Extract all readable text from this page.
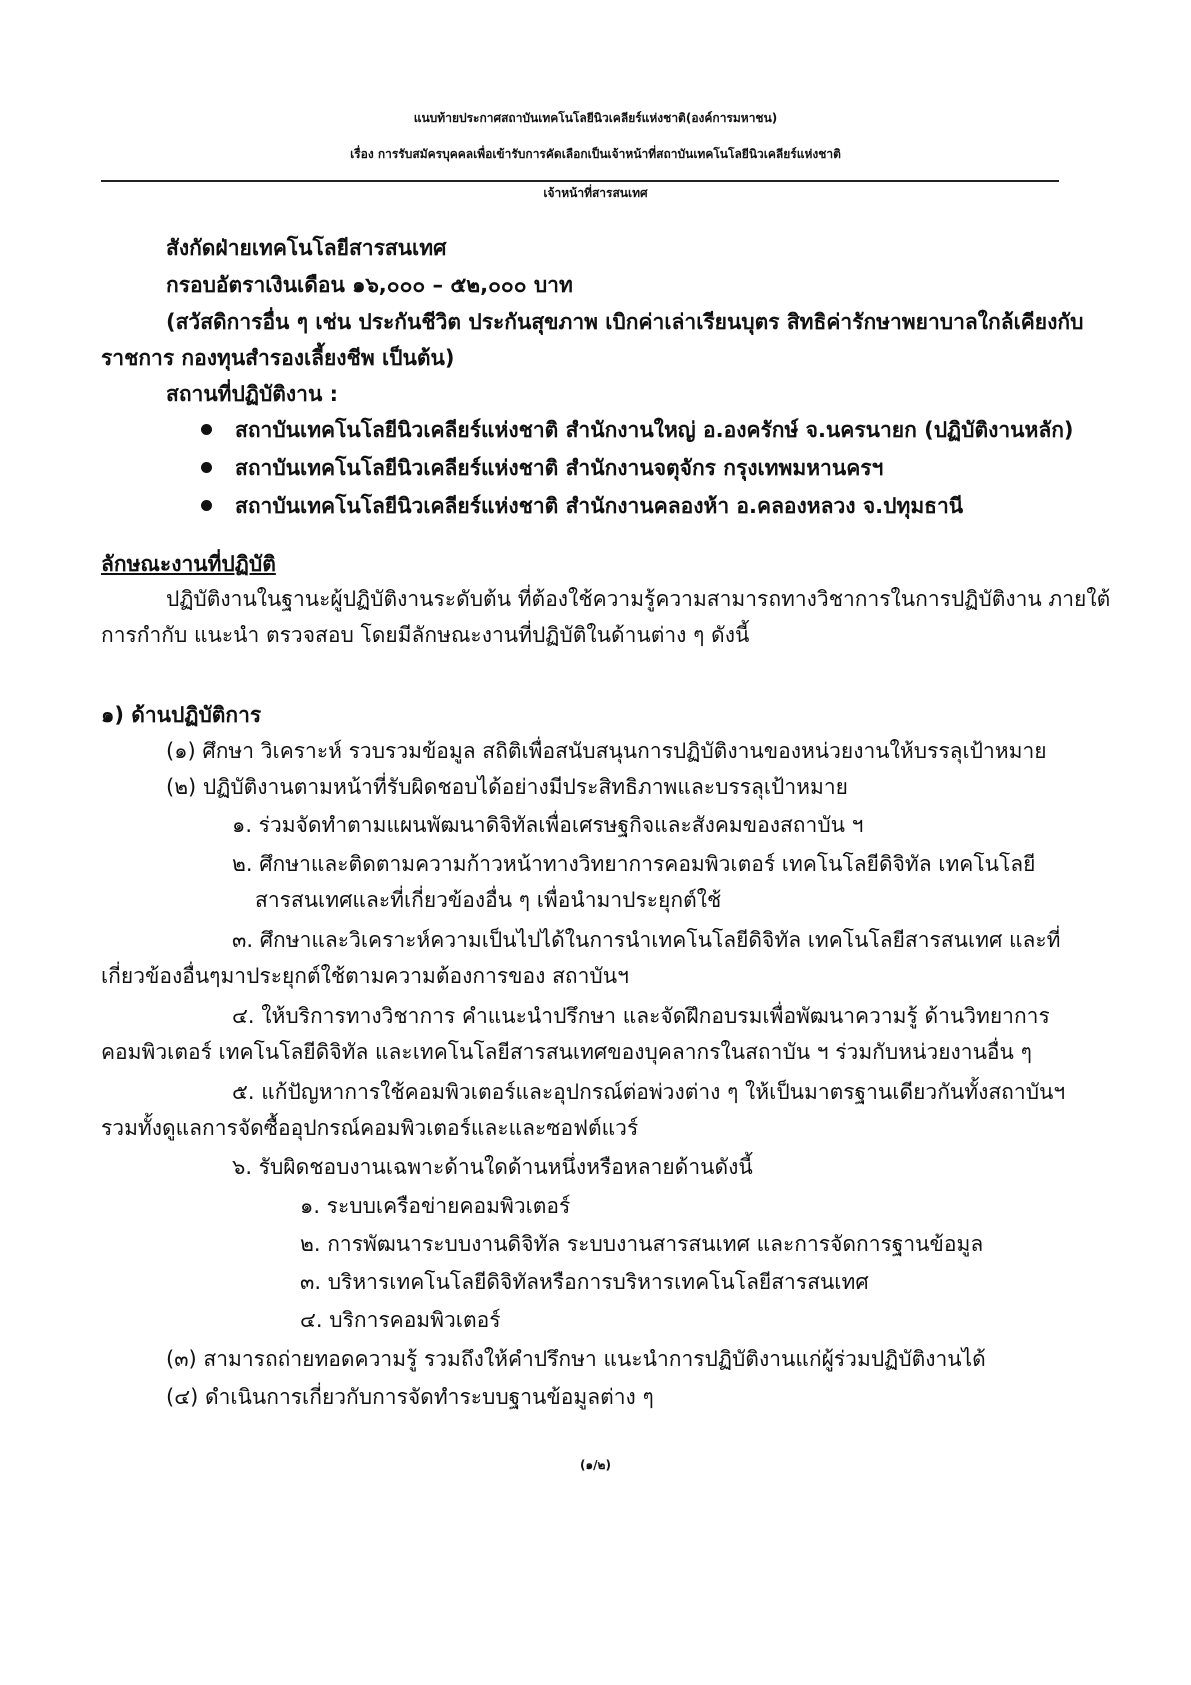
แนบท้ายประกาศสถาบันเทคโนโลยีนิวเคลียร์แห่งชาติ(องค์การมหาชน)
เรื่อง การรับสมัครบุคคลเพื่อเข้ารับการคัดเลือกเป็นเจ้าหน้าที่สถาบันเทคโนโลยีนิวเคลียร์แห่งชาติ
เจ้าหน้าที่สารสนเทศ
สังกัดฝ่ายเทคโนโลยีสารสนเทศ
กรอบอัตราเงินเดือน ๑๖,๐๐๐ – ๕๒,๐๐๐ บาท
(สวัสดิการอื่น ๆ เช่น ประกันชีวิต ประกันสุขภาพ เบิกค่าเล่าเรียนบุตร สิทธิค่ารักษาพยาบาลใกล้เคียงกับ
ราชการ กองทุนสำรองเลี้ยงชีพ เป็นต้น)
สถานที่ปฏิบัติงาน :
สถาบันเทคโนโลยีนิวเคลียร์แห่งชาติ สำนักงานใหญ่ อ.องครักษ์ จ.นครนายก (ปฏิบัติงานหลัก)
สถาบันเทคโนโลยีนิวเคลียร์แห่งชาติ สำนักงานจตุจักร กรุงเทพมหานครฯ
สถาบันเทคโนโลยีนิวเคลียร์แห่งชาติ สำนักงานคลองห้า อ.คลองหลวง จ.ปทุมธานี
ลักษณะงานที่ปฏิบัติ
ปฏิบัติงานในฐานะผู้ปฏิบัติงานระดับต้น ที่ต้องใช้ความรู้ความสามารถทางวิชาการในการปฏิบัติงาน ภายใต้
การกำกับ แนะนำ ตรวจสอบ โดยมีลักษณะงานที่ปฏิบัติในด้านต่าง ๆ ดังนี้
๑) ด้านปฏิบัติการ
(๑) ศึกษา วิเคราะห์ รวบรวมข้อมูล สถิติเพื่อสนับสนุนการปฏิบัติงานของหน่วยงานให้บรรลุเป้าหมาย
(๒) ปฏิบัติงานตามหน้าที่รับผิดชอบได้อย่างมีประสิทธิภาพและบรรลุเป้าหมาย
๑. ร่วมจัดทำตามแผนพัฒนาดิจิทัลเพื่อเศรษฐกิจและสังคมของสถาบัน ฯ
๒. ศึกษาและติดตามความก้าวหน้าทางวิทยาการคอมพิวเตอร์ เทคโนโลยีดิจิทัล เทคโนโลยี
สารสนเทศและที่เกี่ยวข้องอื่น ๆ เพื่อนำมาประยุกต์ใช้
๓. ศึกษาและวิเคราะห์ความเป็นไปได้ในการนำเทคโนโลยีดิจิทัล เทคโนโลยีสารสนเทศ และที่
เกี่ยวข้องอื่นๆมาประยุกต์ใช้ตามความต้องการของ สถาบันฯ
๔. ให้บริการทางวิชาการ คำแนะนำปรึกษา และจัดฝึกอบรมเพื่อพัฒนาความรู้ ด้านวิทยาการ
คอมพิวเตอร์ เทคโนโลยีดิจิทัล และเทคโนโลยีสารสนเทศของบุคลากรในสถาบัน ฯ ร่วมกับหน่วยงานอื่น ๆ
๕. แก้ปัญหาการใช้คอมพิวเตอร์และอุปกรณ์ต่อพ่วงต่าง ๆ ให้เป็นมาตรฐานเดียวกันทั้งสถาบันฯ
รวมทั้งดูแลการจัดซื้ออุปกรณ์คอมพิวเตอร์และและซอฟต์แวร์
๖. รับผิดชอบงานเฉพาะด้านใดด้านหนึ่งหรือหลายด้านดังนี้
๑. ระบบเครือข่ายคอมพิวเตอร์
๒. การพัฒนาระบบงานดิจิทัล ระบบงานสารสนเทศ และการจัดการฐานข้อมูล
๓. บริหารเทคโนโลยีดิจิทัลหรือการบริหารเทคโนโลยีสารสนเทศ
๔. บริการคอมพิวเตอร์
(๓) สามารถถ่ายทอดความรู้ รวมถึงให้คำปรึกษา แนะนำการปฏิบัติงานแก่ผู้ร่วมปฏิบัติงานได้
(๔) ดำเนินการเกี่ยวกับการจัดทำระบบฐานข้อมูลต่าง ๆ
(๑/๒)
